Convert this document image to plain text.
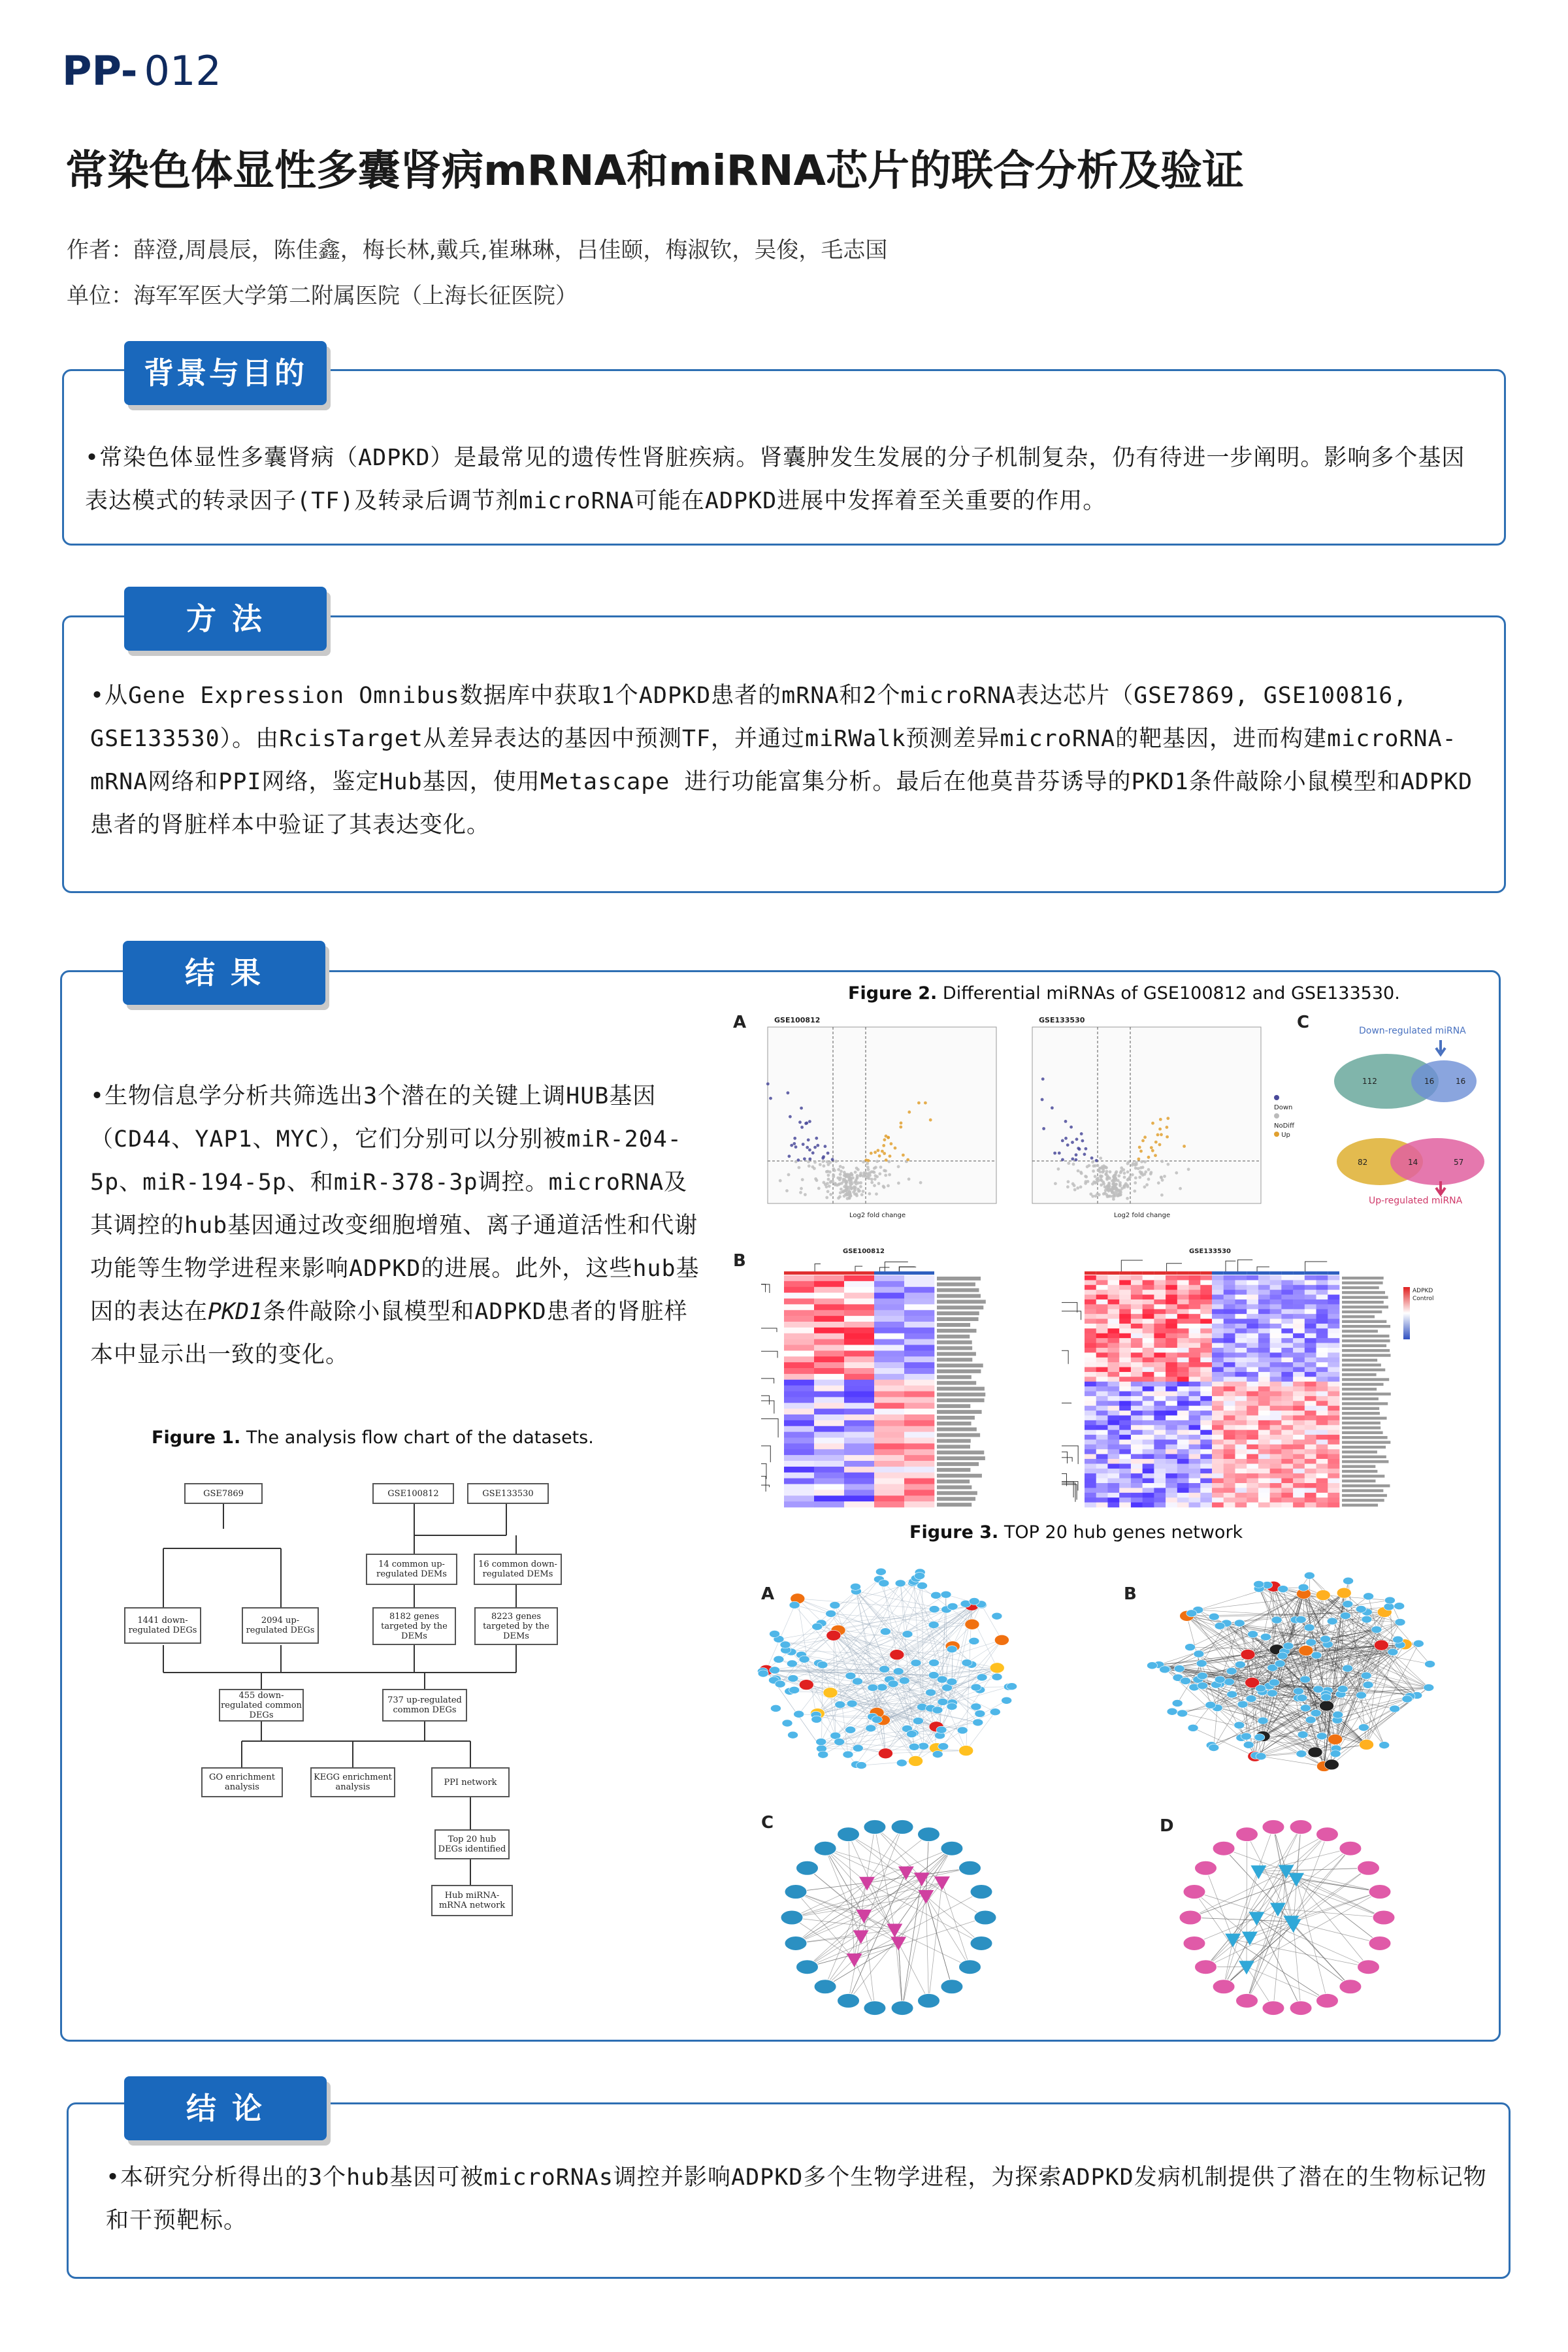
PP- 012
常染色体显性多囊肾病mRNA和miRNA芯片的联合分析及验证
作者：薛澄,周晨辰，陈佳鑫，梅长林,戴兵,崔琳琳，吕佳颐，梅淑钦，吴俊，毛志国
单位：海军军医大学第二附属医院（上海长征医院）
背景与目的
•常染色体显性多囊肾病（ADPKD）是最常见的遗传性肾脏疾病。肾囊肿发生发展的分子机制复杂，仍有待进一步阐明。影响多个基因表达模式的转录因子(TF)及转录后调节剂microRNA可能在ADPKD进展中发挥着至关重要的作用。
方 法
•从Gene Expression Omnibus数据库中获取1个ADPKD患者的mRNA和2个microRNA表达芯片（GSE7869, GSE100816, GSE133530）。由RcisTarget从差异表达的基因中预测TF，并通过miRWalk预测差异microRNA的靶基因，进而构建microRNA-mRNA网络和PPI网络，鉴定Hub基因，使用Metascape 进行功能富集分析。最后在他莫昔芬诱导的PKD1条件敲除小鼠模型和ADPKD患者的肾脏样本中验证了其表达变化。
结 果
•生物信息学分析共筛选出3个潜在的关键上调HUB基因（CD44、YAP1、MYC），它们分别可以分别被miR-204-5p、miR-194-5p、和miR-378-3p调控。microRNA及其调控的hub基因通过改变细胞增殖、离子通道活性和代谢功能等生物学进程来影响ADPKD的进展。此外，这些hub基因的表达在PKD1条件敲除小鼠模型和ADPKD患者的肾脏样本中显示出一致的变化。
Figure 1. The analysis flow chart of the datasets.
GSE7869	GSE100812	GSE133530
14 common up-regulated DEMs
16 common down-regulated DEMs
1441 down-regulated DEGs
2094 up-regulated DEGs
8182 genes targeted by the DEMs
8223 genes targeted by the DEMs
455 down-regulated common DEGs
737 up-regulated common DEGs
GO enrichment analysis
KEGG enrichment analysis	PPI network
Top 20 hub DEGs identified
Hub miRNA-mRNA network
Figure 2. Differential miRNAs of GSE100812 and GSE133530.
A	GSE100812
Log2 fold change
GSE133530
Log2 fold change
Down
NoDiff
Up
C	Down-regulated miRNA
112	16	16
82	14	57
Up-regulated miRNA
B	GSE100812	GSE133530
ADPKD
Control
Figure 3. TOP 20 hub genes network
A	B
C	D
结 论
•本研究分析得出的3个hub基因可被microRNAs调控并影响ADPKD多个生物学进程，为探索ADPKD发病机制提供了潜在的生物标记物和干预靶标。
